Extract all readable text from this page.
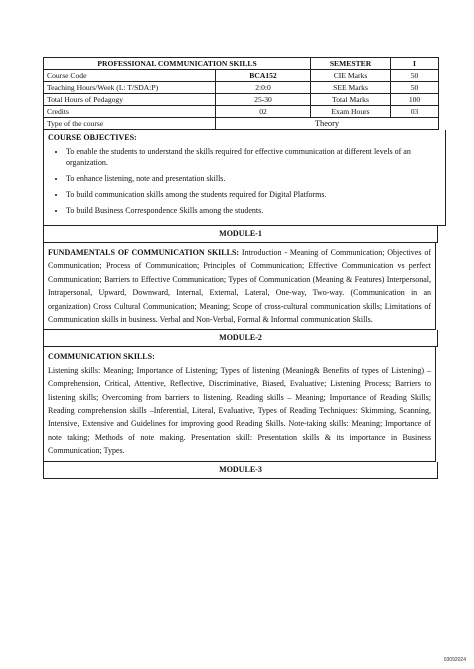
PROFESSIONAL COMMUNICATION SKILLS		SEMESTER	I
Course Code	BCA152	CIE Marks	50
Teaching Hours/Week (L: T/SDA:P)	2:0:0	SEE Marks	50
Total Hours of Pedagogy	25-30	Total Marks	100
Credits	02	Exam Hours	03
Type of the course	Theory		
COURSE OBJECTIVES:
• To enable the students to understand the skills required for effective communication at different levels of an organization.
• To enhance listening, note and presentation skills.
• To build communication skills among the students required for Digital Platforms.
• To build Business Correspondence Skills among the students.
MODULE-1
FUNDAMENTALS OF COMMUNICATION SKILLS: Introduction - Meaning of Communication; Objectives of Communication; Process of Communication; Principles of Communication; Effective Communication vs perfect Communication; Barriers to Effective Communication; Types of Communication (Meaning & Features) Interpersonal, Intrapersonal, Upward, Downward, Internal, External, Lateral, One-way, Two-way. (Communication in an organization) Cross Cultural Communication; Meaning; Scope of cross-cultural communication skills; Limitations of Communication skills in business. Verbal and Non-Verbal, Formal & Informal communication Skills.
MODULE-2
COMMUNICATION SKILLS:
Listening skills: Meaning; Importance of Listening; Types of listening (Meaning& Benefits of types of Listening) –Comprehension, Critical, Attentive, Reflective, Discriminative, Biased, Evaluative; Listening Process; Barriers to listening skills; Overcoming from barriers to listening. Reading skills – Meaning; Importance of Reading Skills; Reading comprehension skills –Inferential, Literal, Evaluative, Types of Reading Techniques: Skimming, Scanning, Intensive, Extensive and Guidelines for improving good Reading Skills. Note-taking skills: Meaning; Importance of note taking; Methods of note making. Presentation skill: Presentation skills & its importance in Business Communication; Types.
MODULE-3
03092024
